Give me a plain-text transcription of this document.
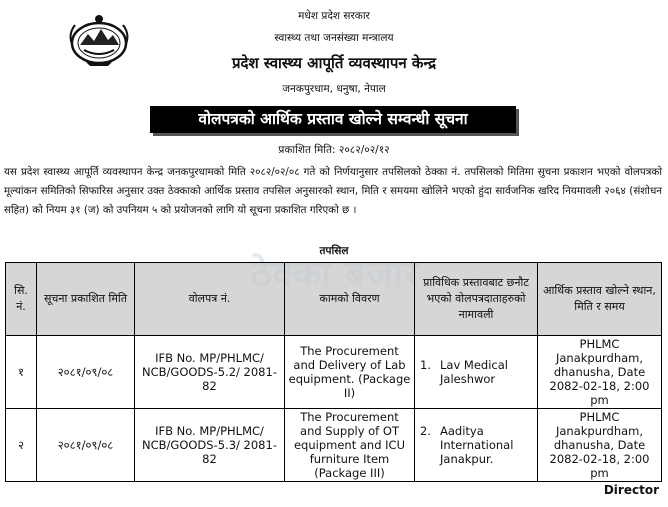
मधेश प्रदेश सरकार
स्वास्थ्य तथा जनसंख्या मन्त्रालय
प्रदेश स्वास्थ्य आपूर्ति व्यवस्थापन केन्द्र
जनकपुरधाम, धनुषा, नेपाल
वोलपत्रको आर्थिक प्रस्ताव खोल्ने सम्वन्धी सूचना
प्रकाशित मिति: २०८२/०२/१२

यस प्रदेश स्वास्थ्य आपूर्ति व्यवस्थापन केन्द्र जनकपुरधामको मिति २०८२/०२/०८ गते को निर्णयानुसार तपसिलको ठेक्का नं. तपसिलको मितिमा सुचना प्रकाशन भएको वोलपत्रको मूल्यांकन समितिको सिफारिस अनुसार उक्त ठेक्काको आर्थिक प्रस्ताव तपसिल अनुसारको स्थान, मिति र समयमा खोलिने भएको हुंदा सार्वजनिक खरिद नियमावली २०६४ (संशोधन सहित) को नियम ३१ (ज) को उपनियम ५ को प्रयोजनको लागि यो सूचना प्रकाशित गरिएको छ ।

तपसिल
सि. नं.	सूचना प्रकाशित मिति	वोलपत्र नं.	कामको विवरण	प्राविधिक प्रस्तावबाट छनौट भएको वोलपत्रदाताहरुको नामावली	आर्थिक प्रस्ताव खोल्ने स्थान, मिति र समय
१	२०८१/०९/०८	IFB No. MP/PHLMC/ NCB/GOODS-5.2/ 2081-82	The Procurement and Delivery of Lab equipment. (Package II)	1. Lav Medical Jaleshwor	PHLMC Janakpurdham, dhanusha, Date 2082-02-18, 2:00 pm
२	२०८१/०९/०८	IFB No. MP/PHLMC/ NCB/GOODS-5.3/ 2081-82	The Procurement and Supply of OT equipment and ICU furniture Item (Package III)	2. Aaditya International Janakpur.	PHLMC Janakpurdham, dhanusha, Date 2082-02-18, 2:00 pm
Director
